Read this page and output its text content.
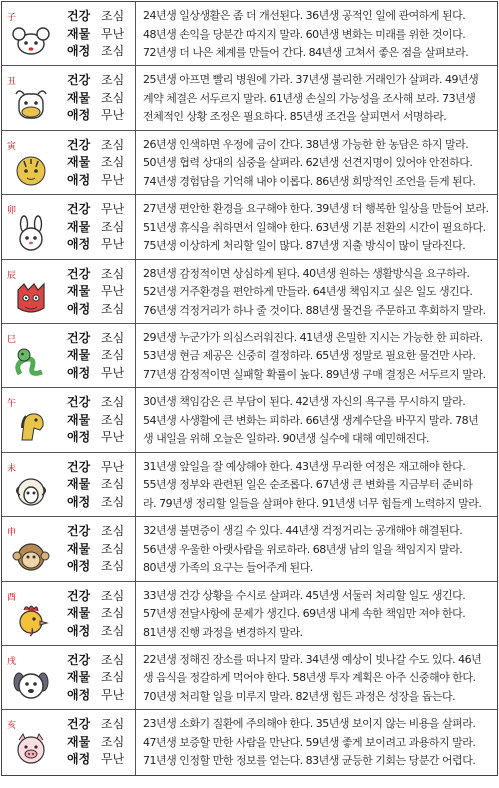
子	건강 조심
재물 무난
애정 조심
24년생 일상생활은 좀 더 개선된다. 36년생 공적인 일에 관여하게 된다.
48년생 손익을 당분간 따지지 말라. 60년생 변화는 미래를 위한 것이다.
72년생 더 나은 체계를 만들어 간다. 84년생 고쳐서 좋은 점을 살펴보라.
丑	건강 조심
재물 조심
애정 무난
25년생 아프면 빨리 병원에 가라. 37년생 불리한 거래인가 살펴라. 49년생
계약 체결은 서두르지 말라. 61년생 손실의 가능성을 조사해 보라. 73년생
전체적인 상황 조정은 필요하다. 85년생 조건을 살피면서 서명하라.
寅	건강 조심
재물 조심
애정 무난
26년생 인색하면 우정에 금이 간다. 38년생 가능한 한 농담은 하지 말라.
50년생 협력 상대의 심중을 살펴라. 62년생 선견지명이 있어야 안전하다.
74년생 경험담을 기억해 내야 이롭다. 86년생 희망적인 조언을 듣게 된다.
卯	건강 무난
재물 조심
애정 무난
27년생 편안한 환경을 요구해야 한다. 39년생 더 행복한 일상을 만들어 보라.
51년생 휴식을 취하면서 일해야 한다. 63년생 기분 전환의 시간이 필요하다.
75년생 이상하게 처리할 일이 많다. 87년생 지출 방식이 많이 달라진다.
辰	건강 조심
재물 무난
애정 조심
28년생 감정적이면 상심하게 된다. 40년생 원하는 생활방식을 요구하라.
52년생 거주환경을 편안하게 만들라. 64년생 책임지고 싶은 일도 생긴다.
76년생 걱정거리가 하나 줄 것이다. 88년생 물건을 주문하고 후회하지 말라.
巳	건강 조심
재물 조심
애정 무난
29년생 누군가가 의심스러워진다. 41년생 은밀한 지시는 가능한 한 피하라.
53년생 현금 제공은 신중히 결정하라. 65년생 정말로 필요한 물건만 사라.
77년생 감정적이면 실패할 확률이 높다. 89년생 구매 결정은 서두르지 말라.
午	건강 조심
재물 조심
애정 무난
30년생 책임감은 큰 부담이 된다. 42년생 자신의 욕구를 무시하지 말라.
54년생 사생활에 큰 변화는 피하라. 66년생 생계수단을 바꾸지 말라. 78년
생 내일을 위해 오늘은 일하라. 90년생 실수에 대해 예민해진다.
未	건강 무난
재물 조심
애정 조심
31년생 앞일을 잘 예상해야 한다. 43년생 무리한 여정은 재고해야 한다.
55년생 정부와 관련된 일은 순조롭다. 67년생 큰 변화를 지금부터 준비하
라. 79년생 정리할 일들을 살펴야 한다. 91년생 너무 힘들게 노력하지 말라.
申	건강 조심
재물 조심
애정 조심
32년생 불면증이 생길 수 있다. 44년생 걱정거리는 공개해야 해결된다.
56년생 우울한 아랫사람을 위로하라. 68년생 남의 일을 책임지지 말라.
80년생 가족의 요구는 들어주게 된다.
酉	건강 조심
재물 조심
애정 조심
33년생 건강 상황을 수시로 살펴라. 45년생 서둘러 처리할 일도 생긴다.
57년생 전달사항에 문제가 생긴다. 69년생 내게 속한 책임만 져야 한다.
81년생 진행 과정을 변경하지 말라.
戌	건강 조심
재물 조심
애정 무난
22년생 정해진 장소를 떠나지 말라. 34년생 예상이 빗나갈 수도 있다. 46년
생 음식을 정갈하게 먹어야 한다. 58년생 투자 계획은 아주 신중해야 한다.
70년생 처리할 일을 미루지 말라. 82년생 힘든 과정은 성장을 돕는다.
亥	건강 조심
재물 조심
애정 무난
23년생 소화기 질환에 주의해야 한다. 35년생 보이지 않는 비용을 살펴라.
47년생 보증할 만한 사람을 만난다. 59년생 좋게 보이려고 과용하지 말라.
71년생 인정할 만한 정보를 얻는다. 83년생 균등한 기회는 당분간 어렵다.
